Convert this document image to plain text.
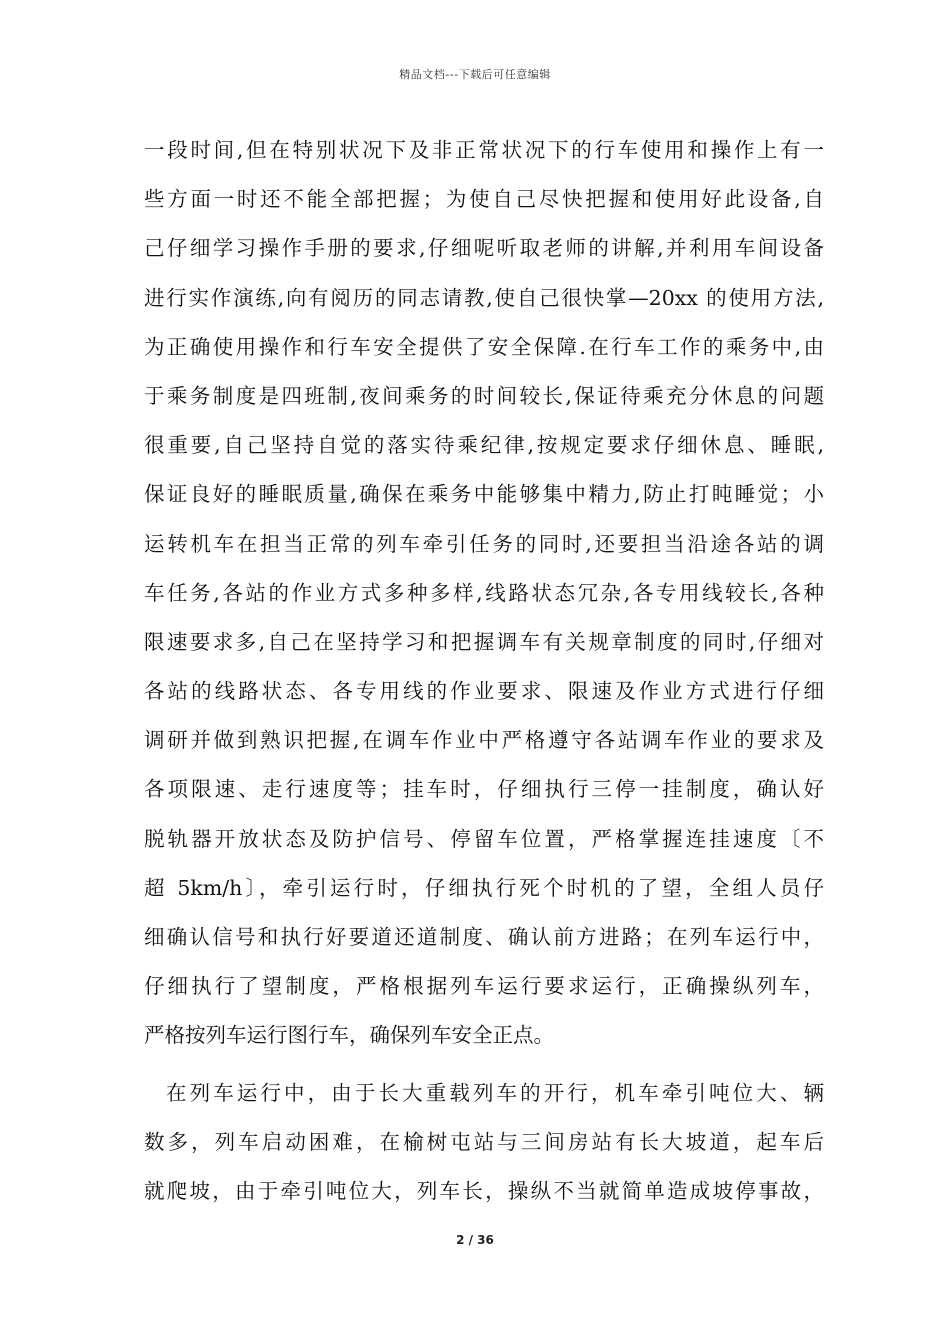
精品文档---下载后可任意编辑
一段时间,但在特别状况下及非正常状况下的行车使用和操作上有一
些方面一时还不能全部把握；为使自己尽快把握和使用好此设备,自
己仔细学习操作手册的要求,仔细呢听取老师的讲解,并利用车间设备
进行实作演练,向有阅历的同志请教,使自己很快掌—20xx 的使用方法,
为正确使用操作和行车安全提供了安全保障.在行车工作的乘务中,由
于乘务制度是四班制,夜间乘务的时间较长,保证待乘充分休息的问题
很重要,自己坚持自觉的落实待乘纪律,按规定要求仔细休息、睡眠,
保证良好的睡眠质量,确保在乘务中能够集中精力,防止打盹睡觉；小
运转机车在担当正常的列车牵引任务的同时,还要担当沿途各站的调
车任务,各站的作业方式多种多样,线路状态冗杂,各专用线较长,各种
限速要求多,自己在坚持学习和把握调车有关规章制度的同时,仔细对
各站的线路状态、各专用线的作业要求、限速及作业方式进行仔细
调研并做到熟识把握,在调车作业中严格遵守各站调车作业的要求及
各项限速、走行速度等；挂车时，仔细执行三停一挂制度，确认好
脱轨器开放状态及防护信号、停留车位置，严格掌握连挂速度〔不
超 5km/h〕，牵引运行时，仔细执行死个时机的了望，全组人员仔
细确认信号和执行好要道还道制度、确认前方进路；在列车运行中，
仔细执行了望制度，严格根据列车运行要求运行，正确操纵列车，
严格按列车运行图行车，确保列车安全正点。
在列车运行中，由于长大重载列车的开行，机车牵引吨位大、辆
数多，列车启动困难，在榆树屯站与三间房站有长大坡道，起车后
就爬坡，由于牵引吨位大，列车长，操纵不当就简单造成坡停事故，
2 / 36
